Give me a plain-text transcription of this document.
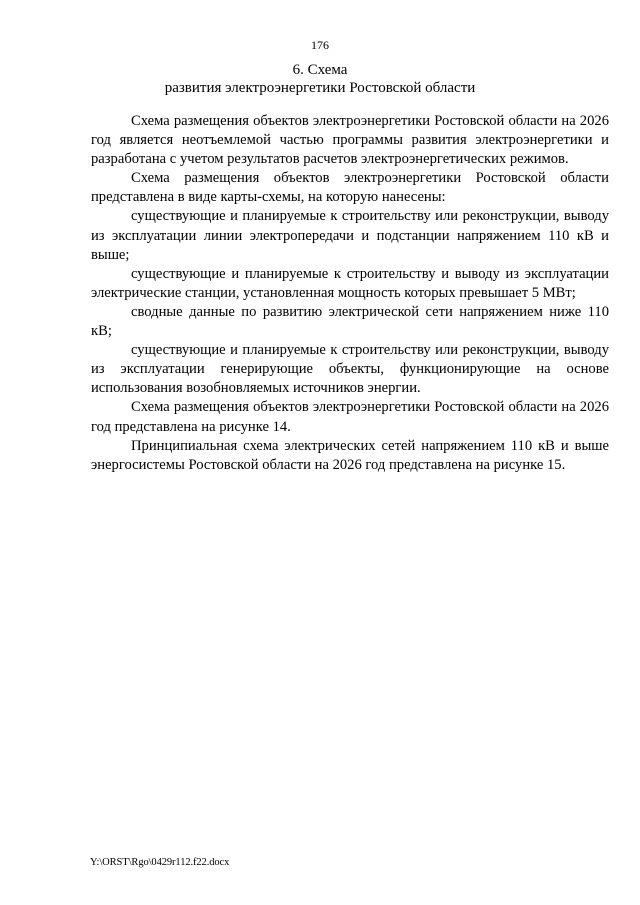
176
6. Схема
развития электроэнергетики Ростовской области

Схема размещения объектов электроэнергетики Ростовской области на 2026 год является неотъемлемой частью программы развития электроэнергетики и разработана с учетом результатов расчетов электроэнергетических режимов.

Схема размещения объектов электроэнергетики Ростовской области представлена в виде карты-схемы, на которую нанесены:

существующие и планируемые к строительству или реконструкции, выводу из эксплуатации линии электропередачи и подстанции напряжением 110 кВ и выше;

существующие и планируемые к строительству и выводу из эксплуатации электрические станции, установленная мощность которых превышает 5 МВт;

сводные данные по развитию электрической сети напряжением ниже 110 кВ;

существующие и планируемые к строительству или реконструкции, выводу из эксплуатации генерирующие объекты, функционирующие на основе использования возобновляемых источников энергии.

Схема размещения объектов электроэнергетики Ростовской области на 2026 год представлена на рисунке 14.

Принципиальная схема электрических сетей напряжением 110 кВ и выше энергосистемы Ростовской области на 2026 год представлена на рисунке 15.

Y:\ORST\Rgo\0429r112.f22.docx
